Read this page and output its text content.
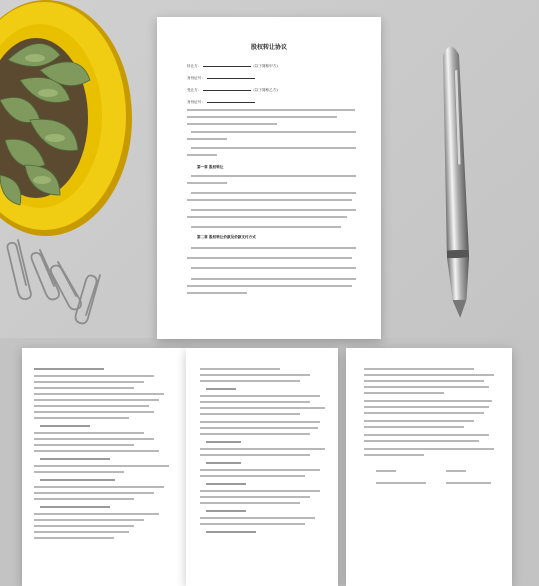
股权转让协议
转让方：	(以下简称甲方)
身份证号：
受让方：	(以下简称乙方)
身份证号：
第一章 股权转让
第二章 股权转让价款及价款支付方式
